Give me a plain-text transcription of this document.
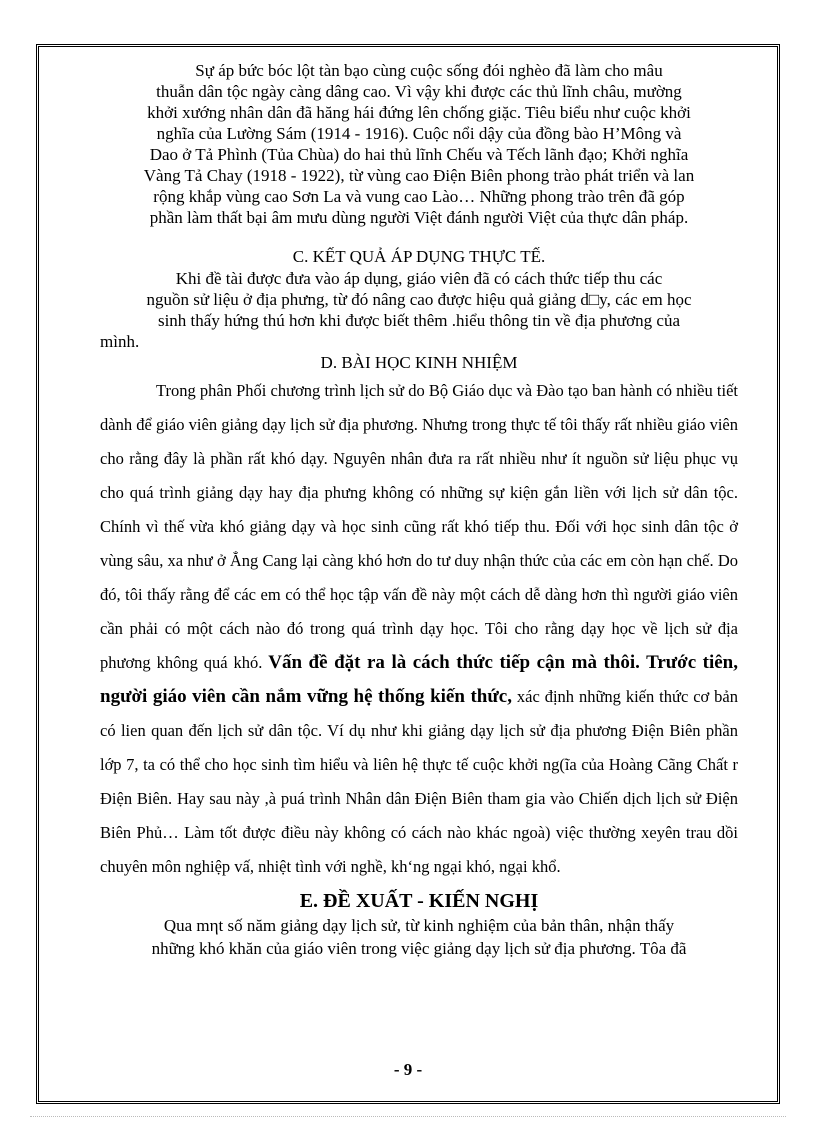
Sự áp bức bóc lột tàn bạo cùng cuộc sống đói nghèo đã làm cho mâu

thuẫn dân tộc ngày càng dâng cao. Vì vậy khi được các thủ lĩnh châu, mường

khởi xướng nhân dân đã hăng hái đứng lên chống giặc. Tiêu biểu như cuộc khởi

nghĩa của Lường Sám (1914 - 1916). Cuộc nổi dậy của đồng bào H’Mông và

Dao ở Tả Phình (Tủa Chùa) do hai thủ lĩnh Chếu và Tếch lãnh đạo; Khởi nghĩa

Vàng Tả Chay (1918 - 1922), từ vùng cao Điện Biên phong trào phát triển và lan

rộng khắp vùng cao Sơn La và vung cao Lào… Những phong trào trên đã góp

phần làm thất bại âm mưu dùng người Việt đánh người Việt của thực dân pháp.

C. KẾT QUẢ ÁP DỤNG THỰC TẾ.

Khi đề tài được đưa vào áp dụng, giáo viên đã có cách thức tiếp thu các

nguồn sử liệu ở địa phưng, từ đó nâng cao được hiệu quả giảng d□y, các em học

sinh thấy hứng thú hơn khi được biết thêm .hiểu thông tin về địa phương của

mình.

D. BÀI HỌC KINH NHIỆM

Trong phân Phối chương trình lịch sử do Bộ Giáo dục và Đào tạo ban hành có nhiều tiết dành để giáo viên giảng dạy lịch sử địa phương. Nhưng trong thực tế tôi thấy rất nhiều giáo viên cho rằng đây là phần rất khó dạy. Nguyên nhân đưa ra rất nhiều như ít nguồn sử liệu phục vụ cho quá trình giảng dạy hay địa phưng không có những sự kiện gắn liền với lịch sử dân tộc. Chính vì thế vừa khó giảng dạy và học sinh cũng rất khó tiếp thu. Đối với học sinh dân tộc ở vùng sâu, xa như ở Ẳng Cang lại càng khó hơn do tư duy nhận thức của các em còn hạn chế. Do đó, tôi thấy rằng để các em có thể học tập vấn đề này một cách dễ dàng hơn thì người giáo viên cần phải có một cách nào đó trong quá trình dạy học. Tôi cho rằng dạy học về lịch sử địa phương không quá khó. Vấn đề đặt ra là cách thức tiếp cận mà thôi. Trước tiên, người giáo viên cần nắm vững hệ thống kiến thức, xác định những kiến thức cơ bản có lien quan đến lịch sử dân tộc. Ví dụ như khi giảng dạy lịch sử địa phương Điện Biên phần lớp 7, ta có thể cho học sinh tìm hiểu và liên hệ thực tế cuộc khởi ng(ĩa của Hoàng Cãng Chất r Điện Biên. Hay sau này ,à puá trình Nhân dân Điện Biên tham gia vào Chiến dịch lịch sử Điện Biên Phủ… Làm tốt được điều này không có cách nào khác ngoà) việc thường xeyên trau dồi chuyên môn nghiệp vấ, nhiệt tình với nghề, kh‘ng ngại khó, ngại khổ.

E. ĐỀ XUẤT - KIẾN NGHỊ

Qua mηt số năm giảng dạy lịch sử, từ kinh nghiệm của bản thân, nhận thấy

những khó khăn của giáo viên trong việc giảng dạy lịch sử địa phương. Tôa đã

- 9 -
